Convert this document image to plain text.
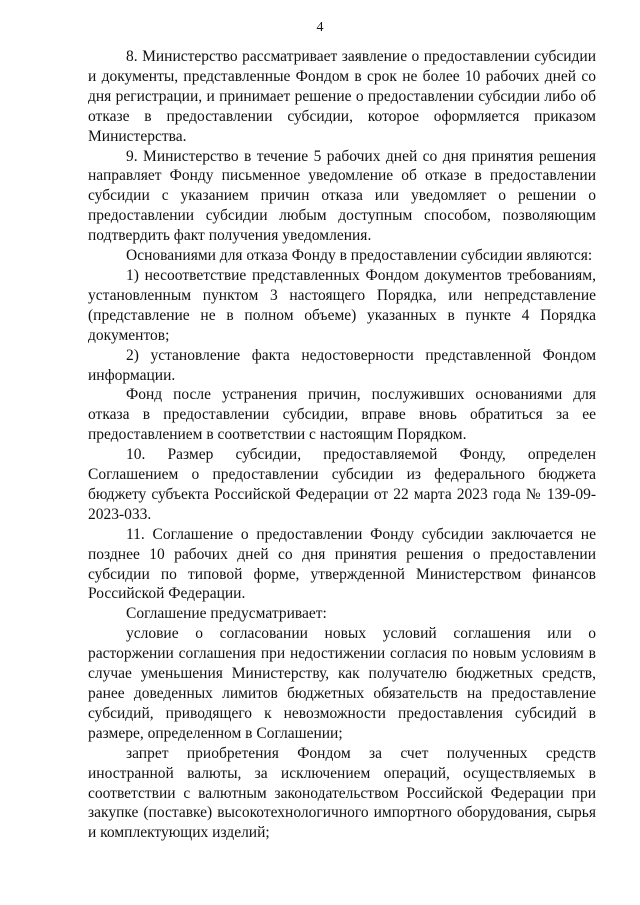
4

8. Министерство рассматривает заявление о предоставлении субсидии и документы, представленные Фондом в срок не более 10 рабочих дней со дня регистрации, и принимает решение о предоставлении субсидии либо об отказе в предоставлении субсидии, которое оформляется приказом Министерства.

9. Министерство в течение 5 рабочих дней со дня принятия решения направляет Фонду письменное уведомление об отказе в предоставлении субсидии с указанием причин отказа или уведомляет о решении о предоставлении субсидии любым доступным способом, позволяющим подтвердить факт получения уведомления.

Основаниями для отказа Фонду в предоставлении субсидии являются:

1) несоответствие представленных Фондом документов требованиям, установленным пунктом 3 настоящего Порядка, или непредставление (представление не в полном объеме) указанных в пункте 4 Порядка документов;

2) установление факта недостоверности представленной Фондом информации.

Фонд после устранения причин, послуживших основаниями для отказа в предоставлении субсидии, вправе вновь обратиться за ее предоставлением в соответствии с настоящим Порядком.

10. Размер субсидии, предоставляемой Фонду, определен Соглашением о предоставлении субсидии из федерального бюджета бюджету субъекта Российской Федерации от 22 марта 2023 года № 139-09-2023-033.

11. Соглашение о предоставлении Фонду субсидии заключается не позднее 10 рабочих дней со дня принятия решения о предоставлении субсидии по типовой форме, утвержденной Министерством финансов Российской Федерации.

Соглашение предусматривает:

условие о согласовании новых условий соглашения или о расторжении соглашения при недостижении согласия по новым условиям в случае уменьшения Министерству, как получателю бюджетных средств, ранее доведенных лимитов бюджетных обязательств на предоставление субсидий, приводящего к невозможности предоставления субсидий в размере, определенном в Соглашении;

запрет приобретения Фондом за счет полученных средств иностранной валюты, за исключением операций, осуществляемых в соответствии с валютным законодательством Российской Федерации при закупке (поставке) высокотехнологичного импортного оборудования, сырья и комплектующих изделий;
